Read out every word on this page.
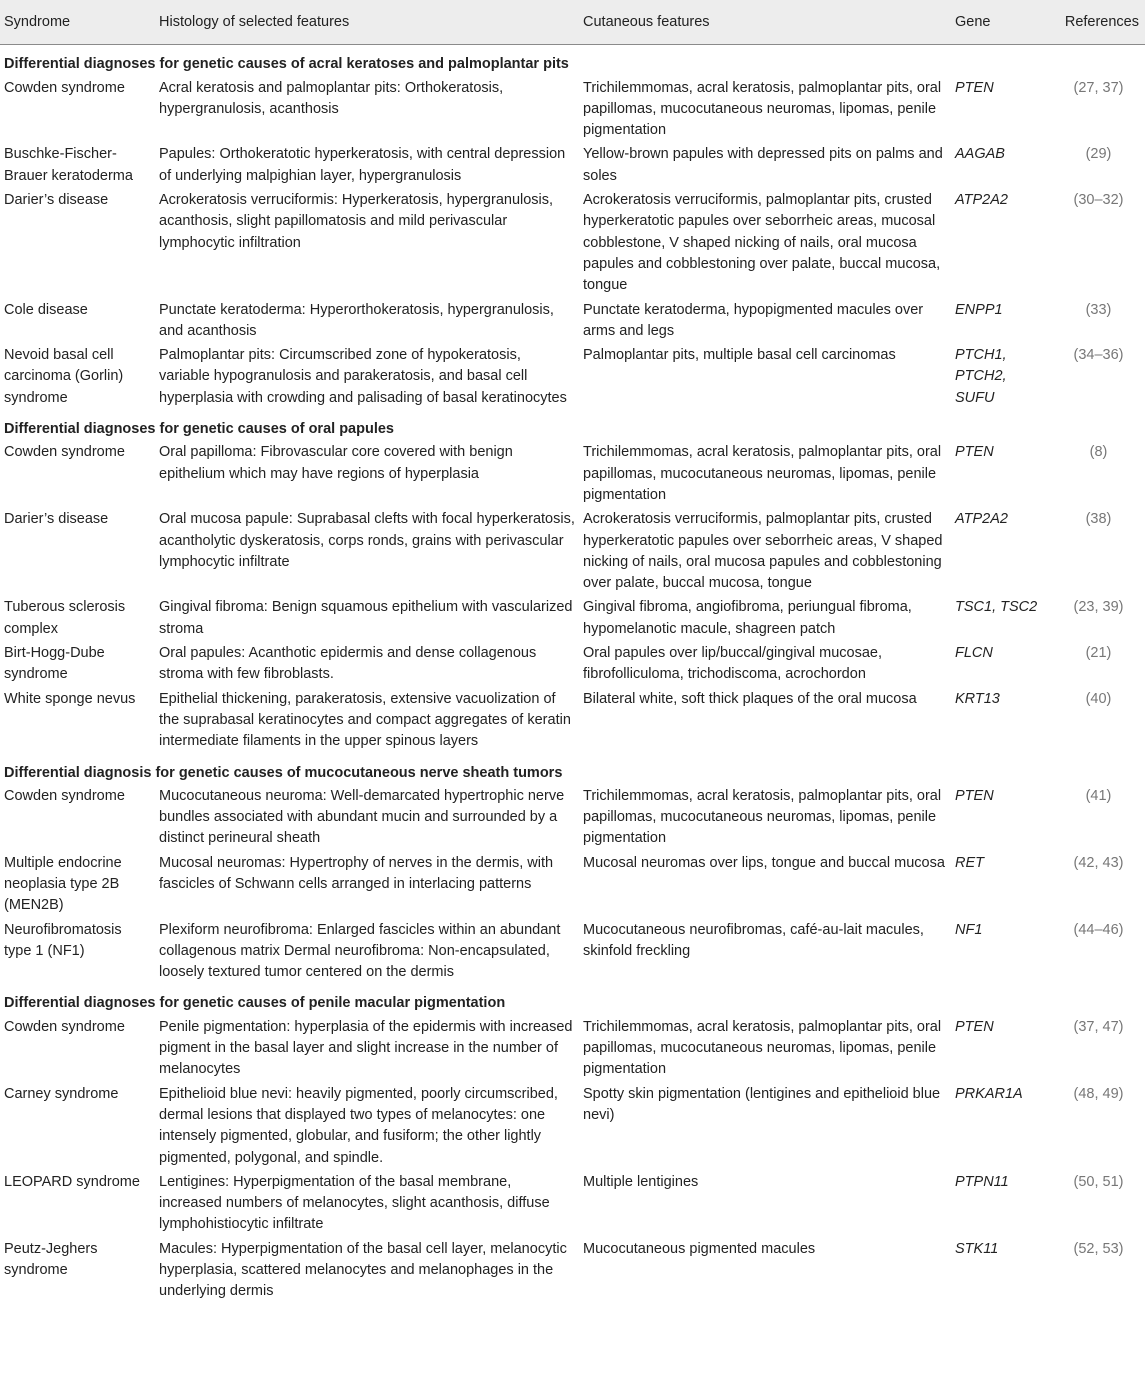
Syndrome	Histology of selected features	Cutaneous features	Gene	References
Differential diagnoses for genetic causes of acral keratoses and palmoplantar pits				
Cowden syndrome	Acral keratosis and palmoplantar pits: Orthokeratosis, hypergranulosis, acanthosis	Trichilemmomas, acral keratosis, palmoplantar pits, oral papillomas, mucocutaneous neuromas, lipomas, penile pigmentation	PTEN	(27, 37)
Buschke-Fischer-Brauer keratoderma	Papules: Orthokeratotic hyperkeratosis, with central depression of underlying malpighian layer, hypergranulosis	Yellow-brown papules with depressed pits on palms and soles	AAGAB	(29)
Darier’s disease	Acrokeratosis verruciformis: Hyperkeratosis, hypergranulosis, acanthosis, slight papillomatosis and mild perivascular lymphocytic infiltration	Acrokeratosis verruciformis, palmoplantar pits, crusted hyperkeratotic papules over seborrheic areas, mucosal cobblestone, V shaped nicking of nails, oral mucosa papules and cobblestoning over palate, buccal mucosa, tongue	ATP2A2	(30–32)
Cole disease	Punctate keratoderma: Hyperorthokeratosis, hypergranulosis, and acanthosis	Punctate keratoderma, hypopigmented macules over arms and legs	ENPP1	(33)
Nevoid basal cell carcinoma (Gorlin) syndrome	Palmoplantar pits: Circumscribed zone of hypokeratosis, variable hypogranulosis and parakeratosis, and basal cell hyperplasia with crowding and palisading of basal keratinocytes	Palmoplantar pits, multiple basal cell carcinomas	PTCH1, PTCH2, SUFU	(34–36)
Differential diagnoses for genetic causes of oral papules				
Cowden syndrome	Oral papilloma: Fibrovascular core covered with benign epithelium which may have regions of hyperplasia	Trichilemmomas, acral keratosis, palmoplantar pits, oral papillomas, mucocutaneous neuromas, lipomas, penile pigmentation	PTEN	(8)
Darier’s disease	Oral mucosa papule: Suprabasal clefts with focal hyperkeratosis, acantholytic dyskeratosis, corps ronds, grains with perivascular lymphocytic infiltrate	Acrokeratosis verruciformis, palmoplantar pits, crusted hyperkeratotic papules over seborrheic areas, V shaped nicking of nails, oral mucosa papules and cobblestoning over palate, buccal mucosa, tongue	ATP2A2	(38)
Tuberous sclerosis complex	Gingival fibroma: Benign squamous epithelium with vascularized stroma	Gingival fibroma, angiofibroma, periungual fibroma, hypomelanotic macule, shagreen patch	TSC1, TSC2	(23, 39)
Birt-Hogg-Dube syndrome	Oral papules: Acanthotic epidermis and dense collagenous stroma with few fibroblasts.	Oral papules over lip/buccal/gingival mucosae, fibrofolliculoma, trichodiscoma, acrochordon	FLCN	(21)
White sponge nevus	Epithelial thickening, parakeratosis, extensive vacuolization of the suprabasal keratinocytes and compact aggregates of keratin intermediate filaments in the upper spinous layers	Bilateral white, soft thick plaques of the oral mucosa	KRT13	(40)
Differential diagnosis for genetic causes of mucocutaneous nerve sheath tumors				
Cowden syndrome	Mucocutaneous neuroma: Well-demarcated hypertrophic nerve bundles associated with abundant mucin and surrounded by a distinct perineural sheath	Trichilemmomas, acral keratosis, palmoplantar pits, oral papillomas, mucocutaneous neuromas, lipomas, penile pigmentation	PTEN	(41)
Multiple endocrine neoplasia type 2B (MEN2B)	Mucosal neuromas: Hypertrophy of nerves in the dermis, with fascicles of Schwann cells arranged in interlacing patterns	Mucosal neuromas over lips, tongue and buccal mucosa	RET	(42, 43)
Neurofibromatosis type 1 (NF1)	Plexiform neurofibroma: Enlarged fascicles within an abundant collagenous matrix Dermal neurofibroma: Non-encapsulated, loosely textured tumor centered on the dermis	Mucocutaneous neurofibromas, café-au-lait macules, skinfold freckling	NF1	(44–46)
Differential diagnoses for genetic causes of penile macular pigmentation				
Cowden syndrome	Penile pigmentation: hyperplasia of the epidermis with increased pigment in the basal layer and slight increase in the number of melanocytes	Trichilemmomas, acral keratosis, palmoplantar pits, oral papillomas, mucocutaneous neuromas, lipomas, penile pigmentation	PTEN	(37, 47)
Carney syndrome	Epithelioid blue nevi: heavily pigmented, poorly circumscribed, dermal lesions that displayed two types of melanocytes: one intensely pigmented, globular, and fusiform; the other lightly pigmented, polygonal, and spindle.	Spotty skin pigmentation (lentigines and epithelioid blue nevi)	PRKAR1A	(48, 49)
LEOPARD syndrome	Lentigines: Hyperpigmentation of the basal membrane, increased numbers of melanocytes, slight acanthosis, diffuse lymphohistiocytic infiltrate	Multiple lentigines	PTPN11	(50, 51)
Peutz-Jeghers syndrome	Macules: Hyperpigmentation of the basal cell layer, melanocytic hyperplasia, scattered melanocytes and melanophages in the underlying dermis	Mucocutaneous pigmented macules	STK11	(52, 53)
